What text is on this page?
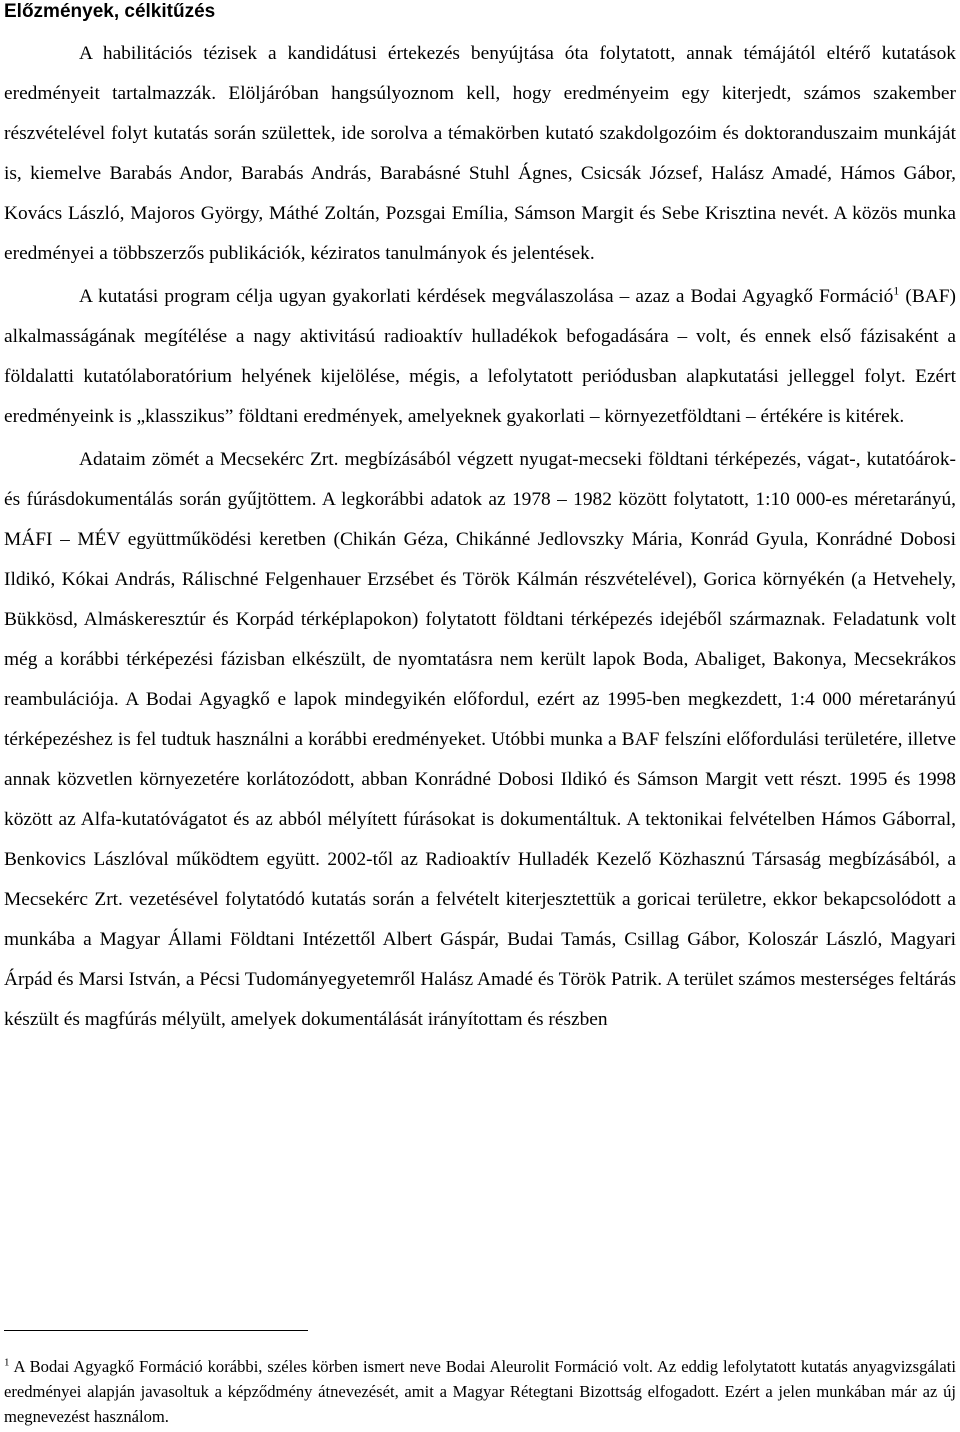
Előzmények, célkitűzés

A habilitációs tézisek a kandidátusi értekezés benyújtása óta folytatott, annak témájától eltérő kutatások eredményeit tartalmazzák. Elöljáróban hangsúlyoznom kell, hogy eredményeim egy kiterjedt, számos szakember részvételével folyt kutatás során születtek, ide sorolva a témakörben kutató szakdolgozóim és doktoranduszaim munkáját is, kiemelve Barabás Andor, Barabás András, Barabásné Stuhl Ágnes, Csicsák József, Halász Amadé, Hámos Gábor, Kovács László, Majoros György, Máthé Zoltán, Pozsgai Emília, Sámson Margit és Sebe Krisztina nevét. A közös munka eredményei a többszerzős publikációk, kéziratos tanulmányok és jelentések.

A kutatási program célja ugyan gyakorlati kérdések megválaszolása – azaz a Bodai Agyagkő Formáció$^1$ (BAF) alkalmasságának megítélése a nagy aktivitású radioaktív hulladékok befogadására – volt, és ennek első fázisaként a földalatti kutatólaboratórium helyének kijelölése, mégis, a lefolytatott periódusban alapkutatási jelleggel folyt. Ezért eredményeink is „klasszikus” földtani eredmények, amelyeknek gyakorlati – környezetföldtani – értékére is kitérek.

Adataim zömét a Mecsekérc Zrt. megbízásából végzett nyugat-mecseki földtani térképezés, vágat-, kutatóárok- és fúrásdokumentálás során gyűjtöttem. A legkorábbi adatok az 1978 – 1982 között folytatott, 1:10 000-es méretarányú, MÁFI – MÉV együttműködési keretben (Chikán Géza, Chikánné Jedlovszky Mária, Konrád Gyula, Konrádné Dobosi Ildikó, Kókai András, Rálischné Felgenhauer Erzsébet és Török Kálmán részvételével), Gorica környékén (a Hetvehely, Bükkösd, Almáskeresztúr és Korpád térképlapokon) folytatott földtani térképezés idejéből származnak. Feladatunk volt még a korábbi térképezési fázisban elkészült, de nyomtatásra nem került lapok Boda, Abaliget, Bakonya, Mecsekrákos reambulációja. A Bodai Agyagkő e lapok mindegyikén előfordul, ezért az 1995-ben megkezdett, 1:4 000 méretarányú térképezéshez is fel tudtuk használni a korábbi eredményeket. Utóbbi munka a BAF felszíni előfordulási területére, illetve annak közvetlen környezetére korlátozódott, abban Konrádné Dobosi Ildikó és Sámson Margit vett részt. 1995 és 1998 között az Alfa-kutatóvágatot és az abból mélyített fúrásokat is dokumentáltuk. A tektonikai felvételben Hámos Gáborral, Benkovics Lászlóval működtem együtt. 2002-től az Radioaktív Hulladék Kezelő Közhasznú Társaság megbízásából, a Mecsekérc Zrt. vezetésével folytatódó kutatás során a felvételt kiterjesztettük a goricai területre, ekkor bekapcsolódott a munkába a Magyar Állami Földtani Intézettől Albert Gáspár, Budai Tamás, Csillag Gábor, Koloszár László, Magyari Árpád és Marsi István, a Pécsi Tudományegyetemről Halász Amadé és Török Patrik. A terület számos mesterséges feltárás készült és magfúrás mélyült, amelyek dokumentálását irányítottam és részben

$^1$ A Bodai Agyagkő Formáció korábbi, széles körben ismert neve Bodai Aleurolit Formáció volt. Az eddig lefolytatott kutatás anyagvizsgálati eredményei alapján javasoltuk a képződmény átnevezését, amit a Magyar Rétegtani Bizottság elfogadott. Ezért a jelen munkában már az új megnevezést használom.
